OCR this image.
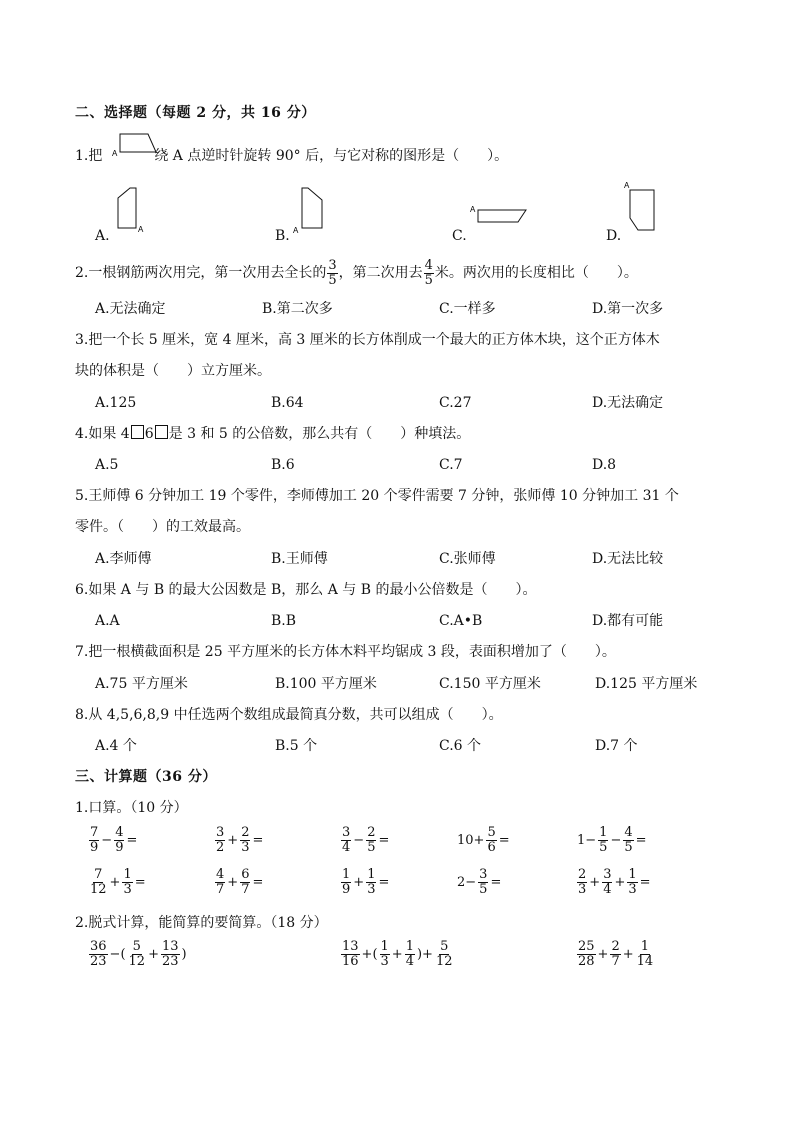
二、选择题（每题 2 分，共 16 分）
1.把	绕 A 点逆时针旋转 90° 后，与它对称的图形是（　　）。
A
A.	A	B. A	C.
A
D.
A
2.一根钢筋两次用完，第一次用去全长的 $\frac{3}{5}$ ，第二次用去 $\frac{4}{5}$ 米。两次用的长度相比（　　）。
A.无法确定	B.第二次多	C.一样多	D.第一次多
3.把一个长 5 厘米，宽 4 厘米，高 3 厘米的长方体削成一个最大的正方体木块，这个正方体木
块的体积是（　　）立方厘米。
A.125	B.64	C.27	D.无法确定
4.如果 4 6 是 3 和 5 的公倍数，那么共有（　　）种填法。
A.5	B.6	C.7	D.8
5.王师傅 6 分钟加工 19 个零件，李师傅加工 20 个零件需要 7 分钟，张师傅 10 分钟加工 31 个
零件。（　　）的工效最高。
A.李师傅	B.王师傅	C.张师傅	D.无法比较
6.如果 A 与 B 的最大公因数是 B，那么 A 与 B 的最小公倍数是（　　）。
A.A	B.B	C.A•B	D.都有可能
7.把一根横截面积是 25 平方厘米的长方体木料平均锯成 3 段，表面积增加了（　　）。
A.75 平方厘米	B.100 平方厘米	C.150 平方厘米	D.125 平方厘米
8.从 4,5,6,8,9 中任选两个数组成最简真分数，共可以组成（　　）。
A.4 个	B.5 个	C.6 个	D.7 个
三、计算题（36 分）
1.口算。（10 分）
$\frac{7}{9} - \frac{4}{9}$ =	$\frac{3}{2} + \frac{2}{3}$ =	$\frac{3}{4} - \frac{2}{5}$ =	$10+ \frac{5}{6}$ =	$1- \frac{1}{5} - \frac{4}{5}$ =
$\frac{7}{12} + \frac{1}{3}$ =	$\frac{4}{7} + \frac{6}{7}$ =	$\frac{1}{9} + \frac{1}{3}$ =	$2- \frac{3}{5}$ =	$\frac{2}{3} + \frac{3}{4} + \frac{1}{3}$ =
2.脱式计算，能简算的要简算。（18 分）
$\frac{36}{23}$ −( $\frac{5}{12} + \frac{13}{23}$ )	$\frac{13}{16}$ +( $\frac{1}{3} + \frac{1}{4}$ )+ $\frac{5}{12}$	$\frac{25}{28} + \frac{2}{7} + \frac{1}{14}$
